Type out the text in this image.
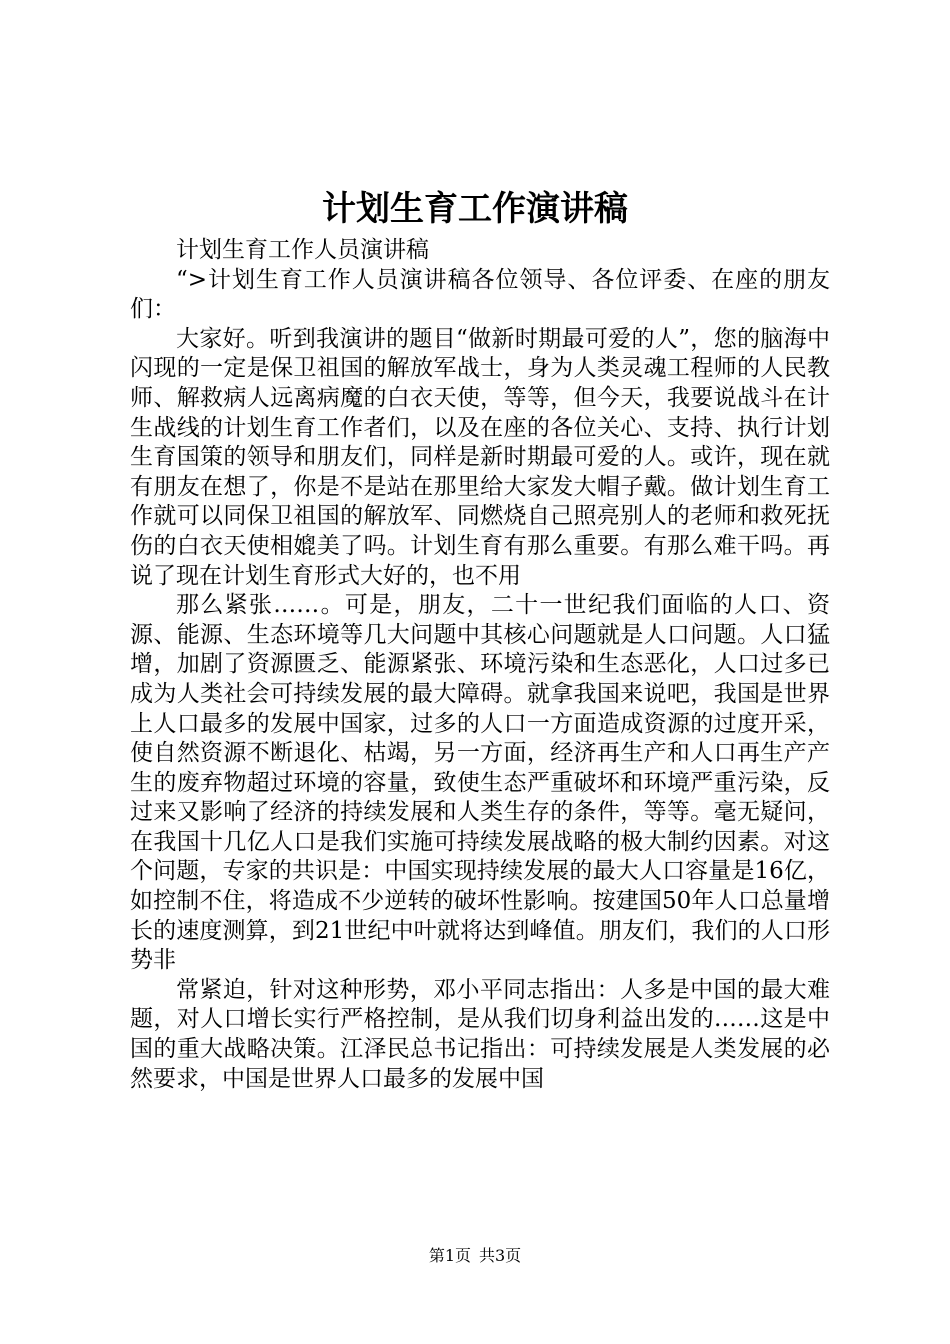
计划生育工作演讲稿

计划生育工作人员演讲稿

“>计划生育工作人员演讲稿各位领导、各位评委、在座的朋友们：

大家好。听到我演讲的题目“做新时期最可爱的人”，您的脑海中闪现的一定是保卫祖国的解放军战士，身为人类灵魂工程师的人民教师、解救病人远离病魔的白衣天使，等等，但今天，我要说战斗在计生战线的计划生育工作者们，以及在座的各位关心、支持、执行计划生育国策的领导和朋友们，同样是新时期最可爱的人。或许，现在就有朋友在想了，你是不是站在那里给大家发大帽子戴。做计划生育工作就可以同保卫祖国的解放军、同燃烧自己照亮别人的老师和救死抚伤的白衣天使相媲美了吗。计划生育有那么重要。有那么难干吗。再说了现在计划生育形式大好的，也不用

那么紧张……。可是，朋友，二十一世纪我们面临的人口、资源、能源、生态环境等几大问题中其核心问题就是人口问题。人口猛增，加剧了资源匮乏、能源紧张、环境污染和生态恶化，人口过多已成为人类社会可持续发展的最大障碍。就拿我国来说吧，我国是世界上人口最多的发展中国家，过多的人口一方面造成资源的过度开采，使自然资源不断退化、枯竭，另一方面，经济再生产和人口再生产产生的废弃物超过环境的容量，致使生态严重破坏和环境严重污染，反过来又影响了经济的持续发展和人类生存的条件，等等。毫无疑问，在我国十几亿人口是我们实施可持续发展战略的极大制约因素。对这个问题，专家的共识是：中国实现持续发展的最大人口容量是16亿，如控制不住，将造成不少逆转的破坏性影响。按建国50年人口总量增长的速度测算，到21世纪中叶就将达到峰值。朋友们，我们的人口形势非

常紧迫，针对这种形势，邓小平同志指出：人多是中国的最大难题，对人口增长实行严格控制，是从我们切身利益出发的……这是中国的重大战略决策。江泽民总书记指出：可持续发展是人类发展的必然要求，中国是世界人口最多的发展中国

第1页 共3页
